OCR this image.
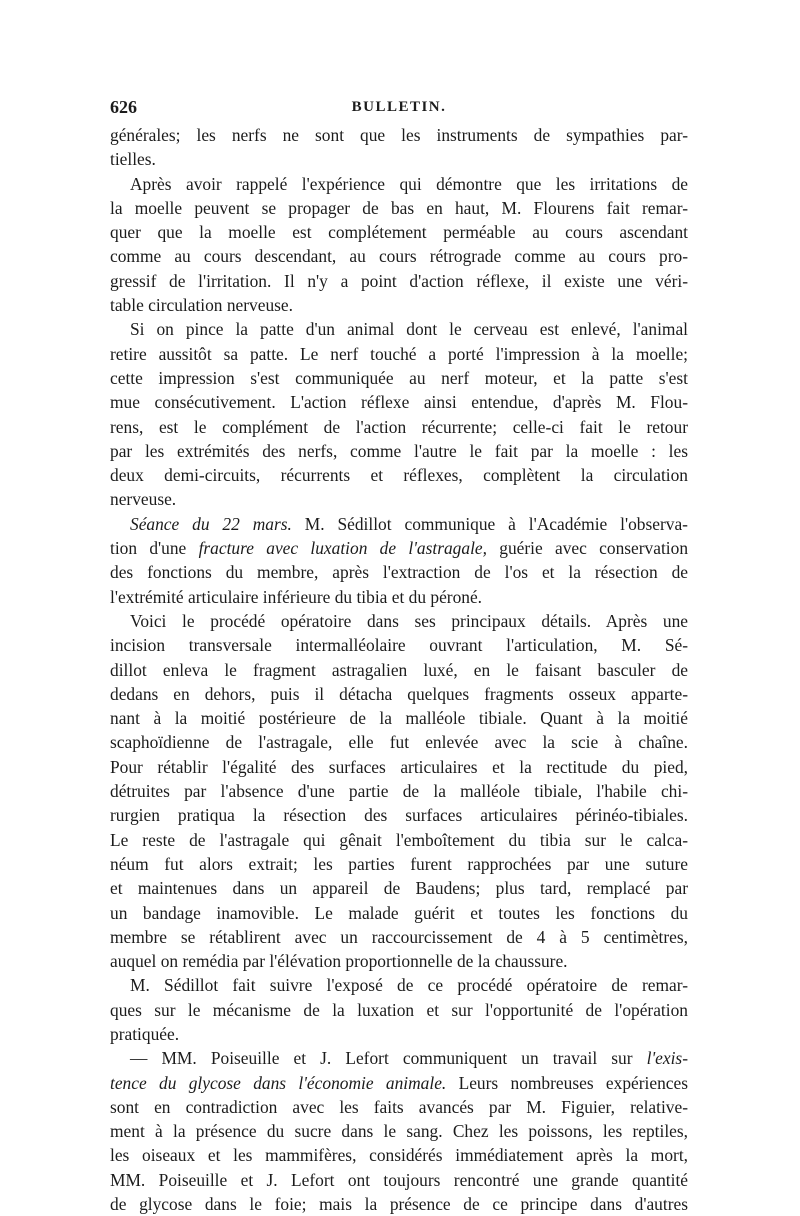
626	BULLETIN.
générales; les nerfs ne sont que les instruments de sympathies par-
tielles.
Après avoir rappelé l'expérience qui démontre que les irritations de
la moelle peuvent se propager de bas en haut, M. Flourens fait remar-
quer que la moelle est complétement perméable au cours ascendant
comme au cours descendant, au cours rétrograde comme au cours pro-
gressif de l'irritation. Il n'y a point d'action réflexe, il existe une véri-
table circulation nerveuse.
Si on pince la patte d'un animal dont le cerveau est enlevé, l'animal
retire aussitôt sa patte. Le nerf touché a porté l'impression à la moelle;
cette impression s'est communiquée au nerf moteur, et la patte s'est
mue consécutivement. L'action réflexe ainsi entendue, d'après M. Flou-
rens, est le complément de l'action récurrente; celle-ci fait le retour
par les extrémités des nerfs, comme l'autre le fait par la moelle : les
deux demi-circuits, récurrents et réflexes, complètent la circulation
nerveuse.
Séance du 22 mars. M. Sédillot communique à l'Académie l'observa-
tion d'une fracture avec luxation de l'astragale, guérie avec conservation
des fonctions du membre, après l'extraction de l'os et la résection de
l'extrémité articulaire inférieure du tibia et du péroné.
Voici le procédé opératoire dans ses principaux détails. Après une
incision transversale intermalléolaire ouvrant l'articulation, M. Sé-
dillot enleva le fragment astragalien luxé, en le faisant basculer de
dedans en dehors, puis il détacha quelques fragments osseux apparte-
nant à la moitié postérieure de la malléole tibiale. Quant à la moitié
scaphoïdienne de l'astragale, elle fut enlevée avec la scie à chaîne.
Pour rétablir l'égalité des surfaces articulaires et la rectitude du pied,
détruites par l'absence d'une partie de la malléole tibiale, l'habile chi-
rurgien pratiqua la résection des surfaces articulaires périnéo-tibiales.
Le reste de l'astragale qui gênait l'emboîtement du tibia sur le calca-
néum fut alors extrait; les parties furent rapprochées par une suture
et maintenues dans un appareil de Baudens; plus tard, remplacé par
un bandage inamovible. Le malade guérit et toutes les fonctions du
membre se rétablirent avec un raccourcissement de 4 à 5 centimètres,
auquel on remédia par l'élévation proportionnelle de la chaussure.
M. Sédillot fait suivre l'exposé de ce procédé opératoire de remar-
ques sur le mécanisme de la luxation et sur l'opportunité de l'opération
pratiquée.
— MM. Poiseuille et J. Lefort communiquent un travail sur l'exis-
tence du glycose dans l'économie animale. Leurs nombreuses expériences
sont en contradiction avec les faits avancés par M. Figuier, relative-
ment à la présence du sucre dans le sang. Chez les poissons, les reptiles,
les oiseaux et les mammifères, considérés immédiatement après la mort,
MM. Poiseuille et J. Lefort ont toujours rencontré une grande quantité
de glycose dans le foie; mais la présence de ce principe dans d'autres
